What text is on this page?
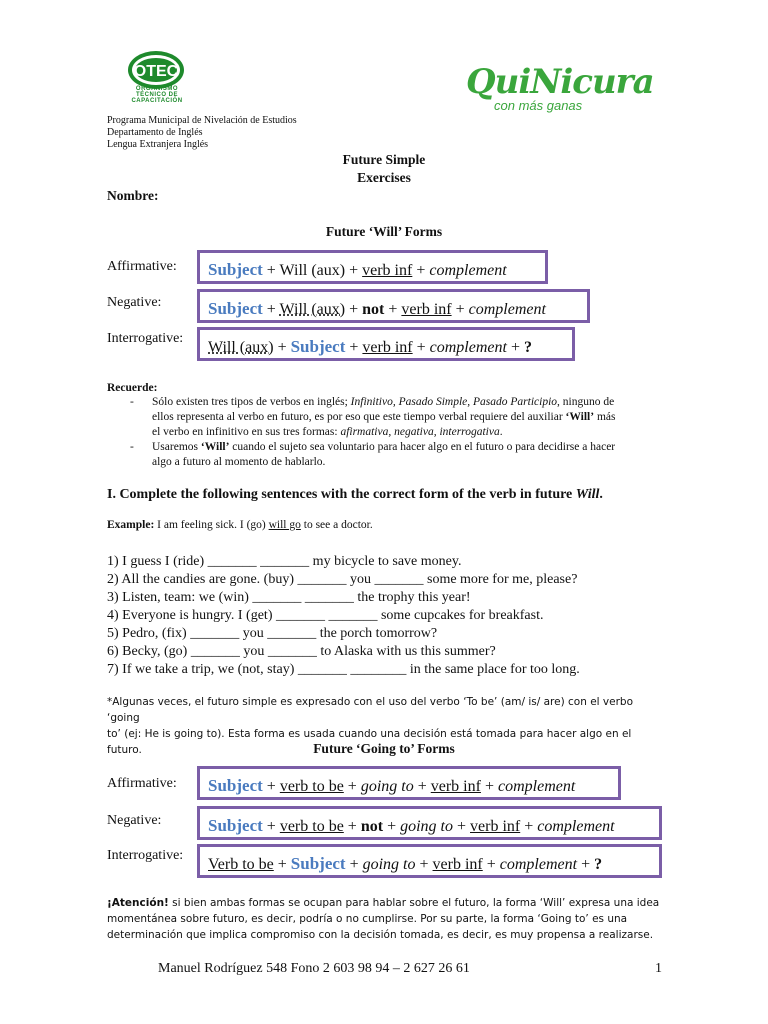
OTEC
ORGANISMO TÉCNICO DE CAPACITACIÓN	QuiNicura
con más ganas
Programa Municipal de Nivelación de Estudios
Departamento de Inglés
Lengua Extranjera Inglés
Future Simple
Exercises
Nombre:
Future ‘Will’ Forms
Affirmative:	Subject + Will (aux) + verb inf + complement
Negative:	Subject + Will (aux) + not + verb inf + complement
Interrogative:
Will (aux) + Subject + verb inf + complement + ?
Recuerde:
- Sólo existen tres tipos de verbos en inglés; Infinitivo, Pasado Simple, Pasado Participio, ninguno de
ellos representa al verbo en futuro, es por eso que este tiempo verbal requiere del auxiliar ‘Will’ más
el verbo en infinitivo en sus tres formas: afirmativa, negativa, interrogativa.
- Usaremos ‘Will’ cuando el sujeto sea voluntario para hacer algo en el futuro o para decidirse a hacer
algo a futuro al momento de hablarlo.
I. Complete the following sentences with the correct form of the verb in future Will.
Example: I am feeling sick. I (go) will go to see a doctor.
1) I guess I (ride) _______ _______ my bicycle to save money.
2) All the candies are gone. (buy) _______ you _______ some more for me, please?
3) Listen, team: we (win) _______ _______ the trophy this year!
4) Everyone is hungry. I (get) _______ _______ some cupcakes for breakfast.
5) Pedro, (fix) _______ you _______ the porch tomorrow?
6) Becky, (go) _______ you _______ to Alaska with us this summer?
7) If we take a trip, we (not, stay) _______ ________ in the same place for too long.
*Algunas veces, el futuro simple es expresado con el uso del verbo ‘To be’ (am/ is/ are) con el verbo ‘going
to’ (ej: He is going to). Esta forma es usada cuando una decisión está tomada para hacer algo en el futuro.	Future ‘Going to’ Forms
Affirmative:	Subject + verb to be + going to + verb inf + complement
Negative:	Subject + verb to be + not + going to + verb inf + complement
Interrogative:
Verb to be + Subject + going to + verb inf + complement + ?
¡Atención! si bien ambas formas se ocupan para hablar sobre el futuro, la forma ‘Will’ expresa una idea
momentánea sobre futuro, es decir, podría o no cumplirse. Por su parte, la forma ‘Going to’ es una
determinación que implica compromiso con la decisión tomada, es decir, es muy propensa a realizarse.
Manuel Rodríguez 548 Fono 2 603 98 94 – 2 627 26 61	1
